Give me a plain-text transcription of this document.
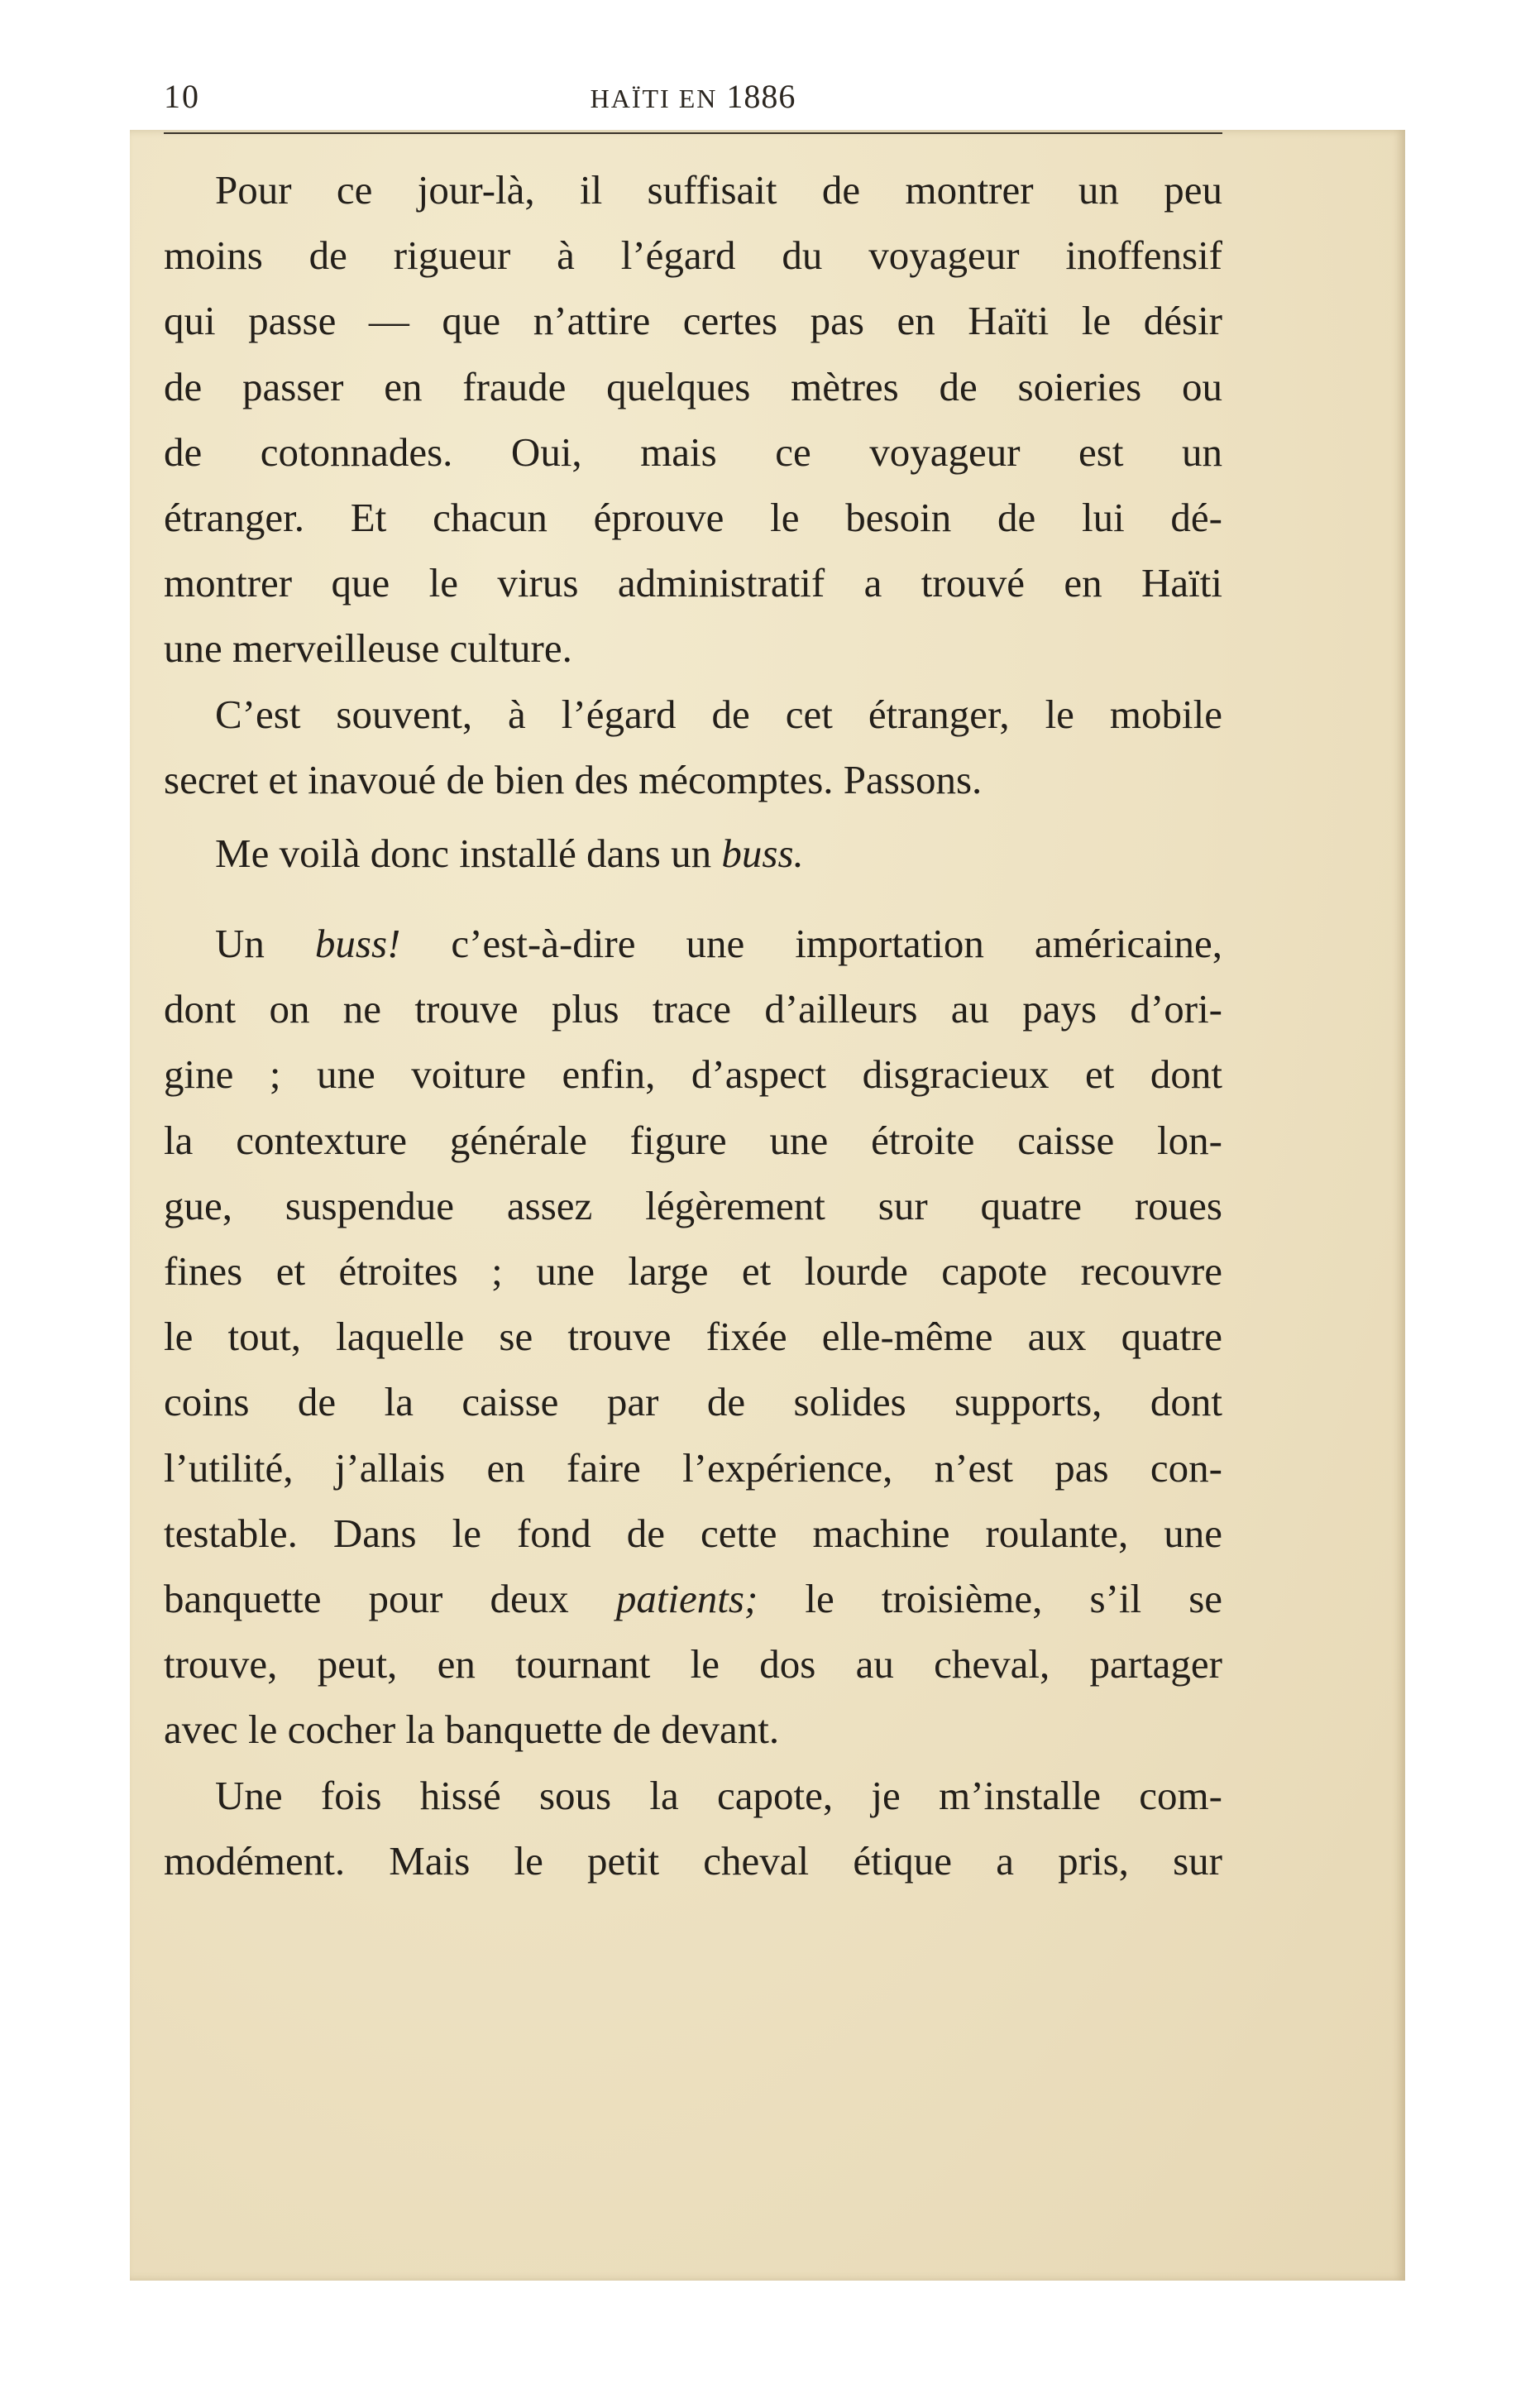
10	HAÏTI EN 1886
Pour ce jour-là, il suffisait de montrer un peu
moins de rigueur à l’égard du voyageur inoffensif
qui passe — que n’attire certes pas en Haïti le désir
de passer en fraude quelques mètres de soieries ou
de cotonnades. Oui, mais ce voyageur est un
étranger. Et chacun éprouve le besoin de lui dé-
montrer que le virus administratif a trouvé en Haïti
une merveilleuse culture.
C’est souvent, à l’égard de cet étranger, le mobile
secret et inavoué de bien des mécomptes. Passons.
Me voilà donc installé dans un buss.
Un buss! c’est-à-dire une importation américaine,
dont on ne trouve plus trace d’ailleurs au pays d’ori-
gine ; une voiture enfin, d’aspect disgracieux et dont
la contexture générale figure une étroite caisse lon-
gue, suspendue assez légèrement sur quatre roues
fines et étroites ; une large et lourde capote recouvre
le tout, laquelle se trouve fixée elle-même aux quatre
coins de la caisse par de solides supports, dont
l’utilité, j’allais en faire l’expérience, n’est pas con-
testable. Dans le fond de cette machine roulante, une
banquette pour deux patients; le troisième, s’il se
trouve, peut, en tournant le dos au cheval, partager
avec le cocher la banquette de devant.
Une fois hissé sous la capote, je m’installe com-
modément. Mais le petit cheval étique a pris, sur
